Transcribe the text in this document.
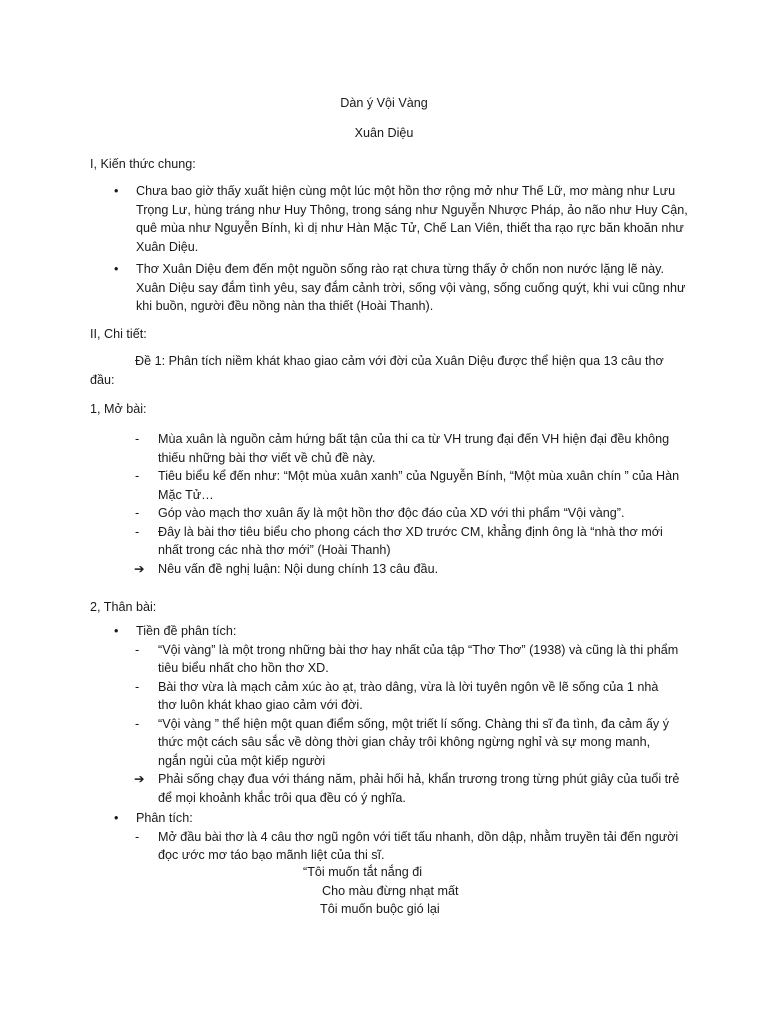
Dàn ý Vội Vàng
Xuân Diệu
I, Kiến thức chung:
• Chưa bao giờ thấy xuất hiện cùng một lúc một hồn thơ rộng mở như Thế Lữ, mơ màng như Lưu Trọng Lư, hùng tráng như Huy Thông, trong sáng như Nguyễn Nhược Pháp, ảo não như Huy Cận, quê mùa như Nguyễn Bính, kì dị như Hàn Mặc Tử, Chế Lan Viên, thiết tha rạo rực băn khoăn như Xuân Diệu.
• Thơ Xuân Diệu đem đến một nguồn sống rào rạt chưa từng thấy ở chốn non nước lặng lẽ này. Xuân Diệu say đắm tình yêu, say đắm cảnh trời, sống vội vàng, sống cuống quýt, khi vui cũng như khi buồn, người đều nồng nàn tha thiết (Hoài Thanh).
II, Chi tiết:
Đề 1: Phân tích niềm khát khao giao cảm với đời của Xuân Diệu được thể hiện qua 13 câu thơ đầu:
1, Mở bài:
- Mùa xuân là nguồn cảm hứng bất tận của thi ca từ VH trung đại đến VH hiện đại đều không thiếu những bài thơ viết về chủ đề này.
- Tiêu biểu kể đến như: “Một mùa xuân xanh” của Nguyễn Bính, “Một mùa xuân chín ” của Hàn Mặc Tử…
- Góp vào mạch thơ xuân ấy là một hồn thơ độc đáo của XD với thi phẩm “Vội vàng”.
- Đây là bài thơ tiêu biểu cho phong cách thơ XD trước CM, khẳng định ông là “nhà thơ mới nhất trong các nhà thơ mới” (Hoài Thanh)
➔ Nêu vấn đề nghị luận: Nội dung chính 13 câu đầu.
2, Thân bài:
• Tiền đề phân tích:
- “Vội vàng” là một trong những bài thơ hay nhất của tập “Thơ Thơ” (1938) và cũng là thi phẩm tiêu biểu nhất cho hồn thơ XD.
- Bài thơ vừa là mạch cảm xúc ào ạt, trào dâng, vừa là lời tuyên ngôn về lẽ sống của 1 nhà thơ luôn khát khao giao cảm với đời.
- “Vội vàng ” thể hiện một quan điểm sống, một triết lí sống. Chàng thi sĩ đa tình, đa cảm ấy ý thức một cách sâu sắc về dòng thời gian chảy trôi không ngừng nghỉ và sự mong manh, ngắn ngủi của một kiếp người
➔ Phải sống chạy đua với tháng năm, phải hối hả, khẩn trương trong từng phút giây của tuổi trẻ để mọi khoảnh khắc trôi qua đều có ý nghĩa.
• Phân tích:
- Mở đầu bài thơ là 4 câu thơ ngũ ngôn với tiết tấu nhanh, dồn dập, nhằm truyền tải đến người đọc ước mơ táo bạo mãnh liệt của thi sĩ.
“Tôi muốn tắt nắng đi
Cho màu đừng nhạt mất
Tôi muốn buộc gió lại
